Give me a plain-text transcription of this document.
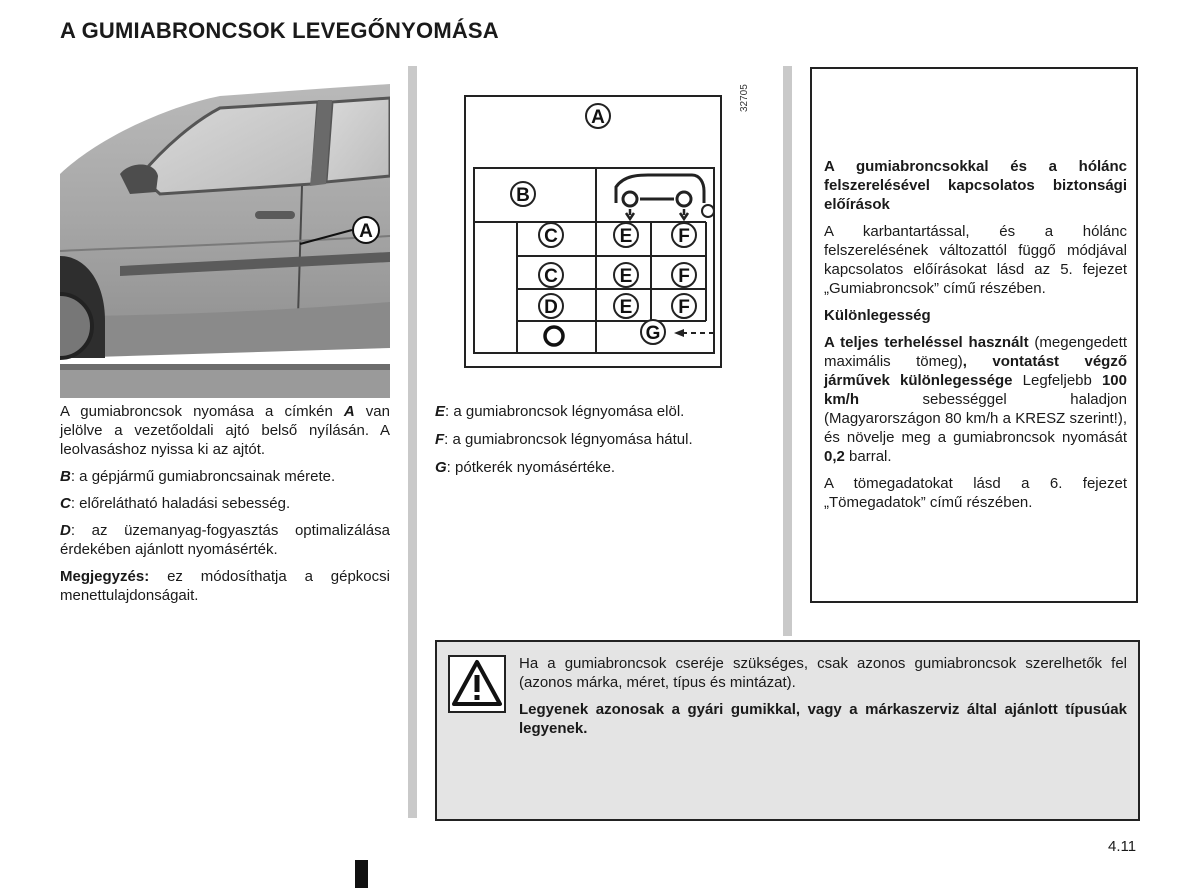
A GUMIABRONCSOK LEVEGŐNYOMÁSA
A
32705
A
B
C
C
D
E
E
E
F
F
F
G

A gumiabroncsok nyomása a címkén A van jelölve a vezetőoldali ajtó belső nyílásán. A leolvasáshoz nyissa ki az ajtót.

B: a gépjármű gumiabroncsainak mérete.

C: előrelátható haladási sebesség.

D: az üzemanyag-fogyasztás optimalizálása érdekében ajánlott nyomásérték.

Megjegyzés: ez módosíthatja a gépkocsi menettulajdonságait.

E: a gumiabroncsok légnyomása elöl.

F: a gumiabroncsok légnyomása hátul.

G: pótkerék nyomásértéke.

A gumiabroncsokkal és a hólánc felszerelésével kapcsolatos biztonsági előírások

A karbantartással, és a hólánc felszerelésének változattól függő módjával kapcsolatos előírásokat lásd az 5. fejezet „Gumiabroncsok” című részében.

Különlegesség

A teljes terheléssel használt (megengedett maximális tömeg), vontatást végző járművek különlegessége Legfeljebb 100 km/h sebességgel haladjon (Magyarországon 80 km/h a KRESZ szerint!), és növelje meg a gumiabroncsok nyomását 0,2 barral.

A tömegadatokat lásd a 6. fejezet „Tömegadatok” című részében.

Ha a gumiabroncsok cseréje szükséges, csak azonos gumiabroncsok szerelhetők fel (azonos márka, méret, típus és mintázat).

Legyenek azonosak a gyári gumikkal, vagy a márkaszerviz által ajánlott típusúak legyenek.

4.11
